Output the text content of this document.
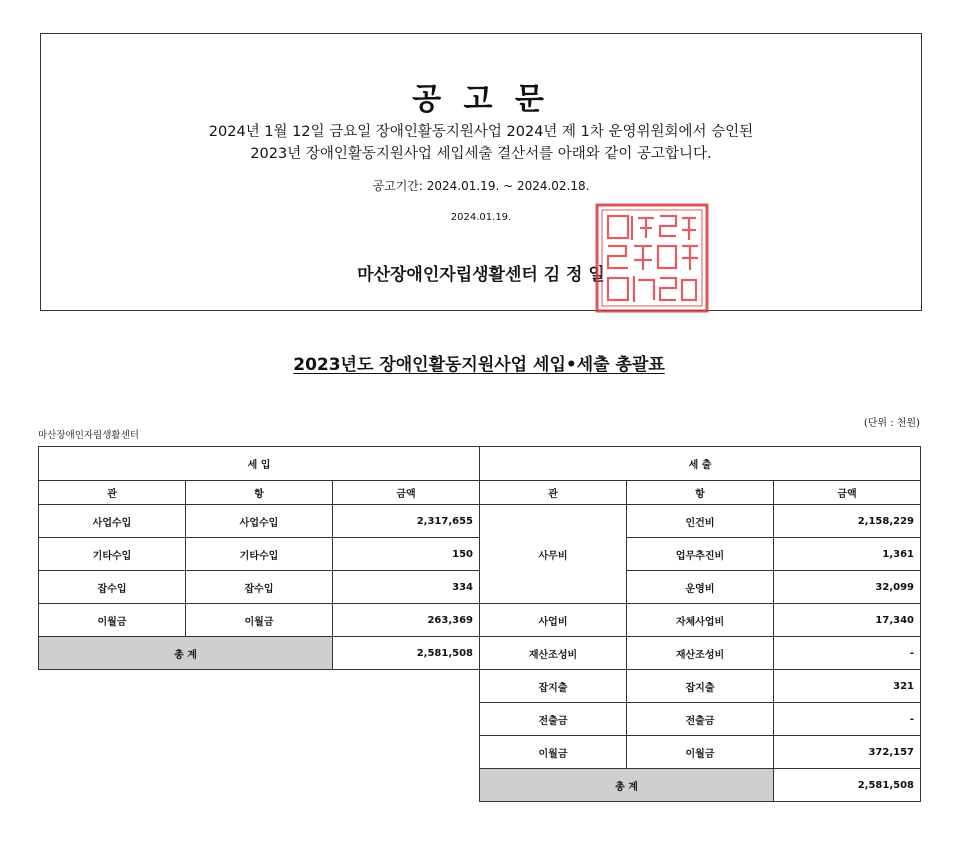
공 고 문
2024년 1월 12일 금요일 장애인활동지원사업 2024년 제 1차 운영위원회에서 승인된
2023년 장애인활동지원사업 세입세출 결산서를 아래와 같이 공고합니다.
공고기간: 2024.01.19. ~ 2024.02.18.
2024.01.19.
마산장애인자립생활센터 김 정 일
2023년도 장애인활동지원사업 세입•세출 총괄표
(단위 : 천원)
마산장애인자립생활센터
세 입		
관	항	금액
사업수입	사업수입	2,317,655
기타수입	기타수입	150
잡수입	잡수입	334
이월금	이월금	263,369
총 계		2,581,508
세 출		
관	항	금액
사무비	인건비	2,158,229
	업무추진비	1,361
	운영비	32,099
사업비	자체사업비	17,340
재산조성비	재산조성비	-
잡지출	잡지출	321
전출금	전출금	-
이월금	이월금	372,157
총 계		2,581,508
